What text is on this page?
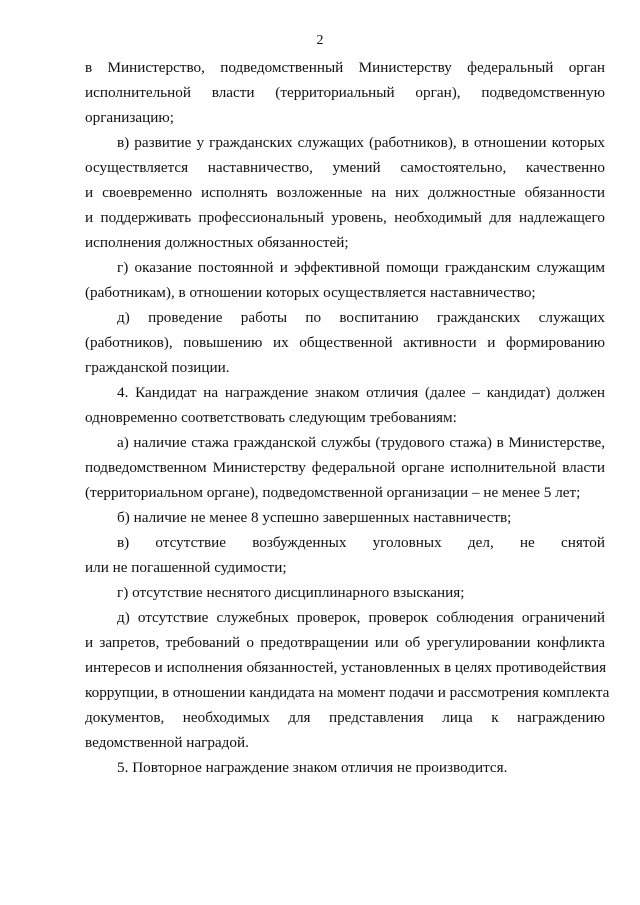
2
в Министерство, подведомственный Министерству федеральный орган
исполнительной власти (территориальный орган), подведомственную
организацию;
в) развитие у гражданских служащих (работников), в отношении которых
осуществляется наставничество, умений самостоятельно, качественно
и своевременно исполнять возложенные на них должностные обязанности
и поддерживать профессиональный уровень, необходимый для надлежащего
исполнения должностных обязанностей;
г) оказание постоянной и эффективной помощи гражданским служащим
(работникам), в отношении которых осуществляется наставничество;
д) проведение работы по воспитанию гражданских служащих
(работников), повышению их общественной активности и формированию
гражданской позиции.
4. Кандидат на награждение знаком отличия (далее – кандидат) должен
одновременно соответствовать следующим требованиям:
а) наличие стажа гражданской службы (трудового стажа) в Министерстве,
подведомственном Министерству федеральной органе исполнительной власти
(территориальном органе), подведомственной организации – не менее 5 лет;
б) наличие не менее 8 успешно завершенных наставничеств;
в) отсутствие возбужденных уголовных дел, не снятой
или не погашенной судимости;
г) отсутствие неснятого дисциплинарного взыскания;
д) отсутствие служебных проверок, проверок соблюдения ограничений
и запретов, требований о предотвращении или об урегулировании конфликта
интересов и исполнения обязанностей, установленных в целях противодействия
коррупции, в отношении кандидата на момент подачи и рассмотрения комплекта
документов, необходимых для представления лица к награждению
ведомственной наградой.
5. Повторное награждение знаком отличия не производится.
